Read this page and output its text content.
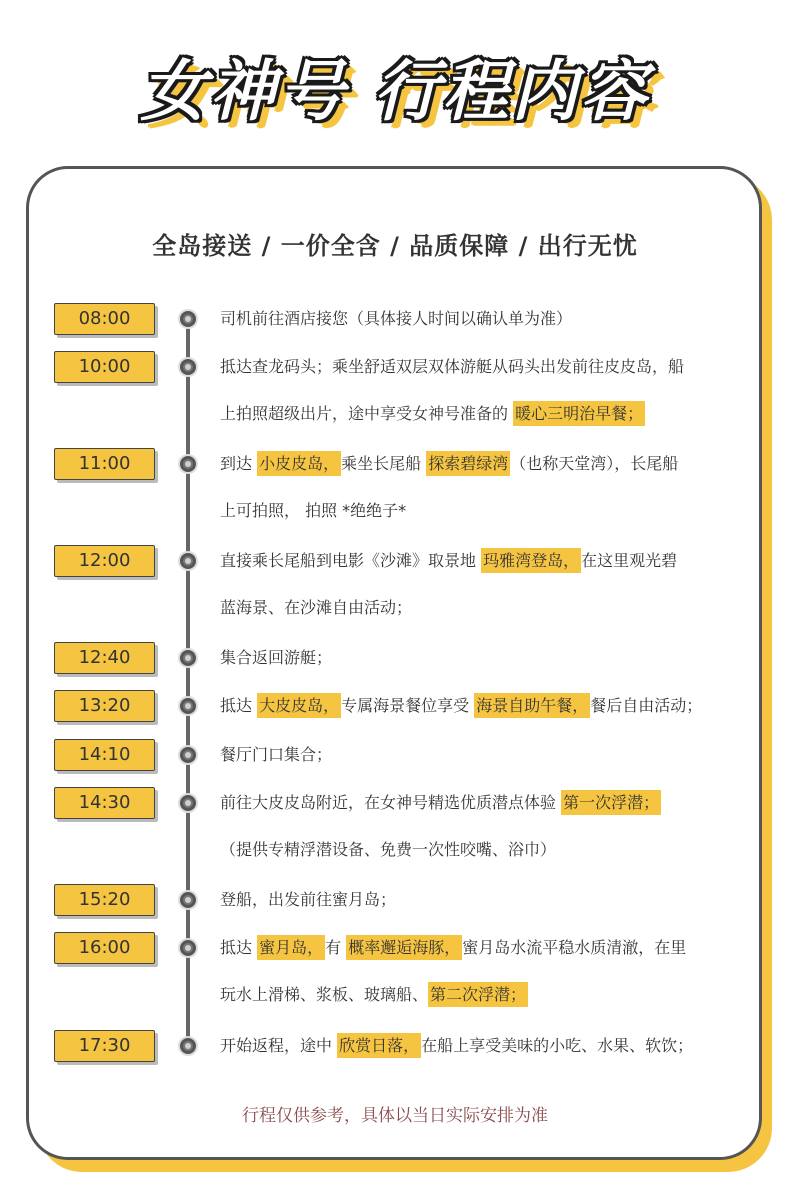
女神号 行程内容
全岛接送 / 一价全含 / 品质保障 / 出行无忧
08:00	司机前往酒店接您（具体接人时间以确认单为准）
10:00	抵达查龙码头；乘坐舒适双层双体游艇从码头出发前往皮皮岛，船
上拍照超级出片，途中享受女神号准备的 暖心三明治早餐；
11:00	到达 小皮皮岛， 乘坐长尾船 探索碧绿湾 （也称天堂湾），长尾船
上可拍照， 拍照 *绝绝子*
12:00	直接乘长尾船到电影《沙滩》取景地 玛雅湾登岛， 在这里观光碧
蓝海景、在沙滩自由活动；
12:40	集合返回游艇；
13:20	抵达 大皮皮岛， 专属海景餐位享受 海景自助午餐， 餐后自由活动；
14:10	餐厅门口集合；
14:30	前往大皮皮岛附近，在女神号精选优质潜点体验 第一次浮潜；
（提供专精浮潜设备、免费一次性咬嘴、浴巾）
15:20	登船，出发前往蜜月岛；
16:00	抵达 蜜月岛， 有 概率邂逅海豚， 蜜月岛水流平稳水质清澈，在里
玩水上滑梯、浆板、玻璃船、 第二次浮潜；
17:30	开始返程，途中 欣赏日落， 在船上享受美味的小吃、水果、软饮；
行程仅供参考，具体以当日实际安排为准
